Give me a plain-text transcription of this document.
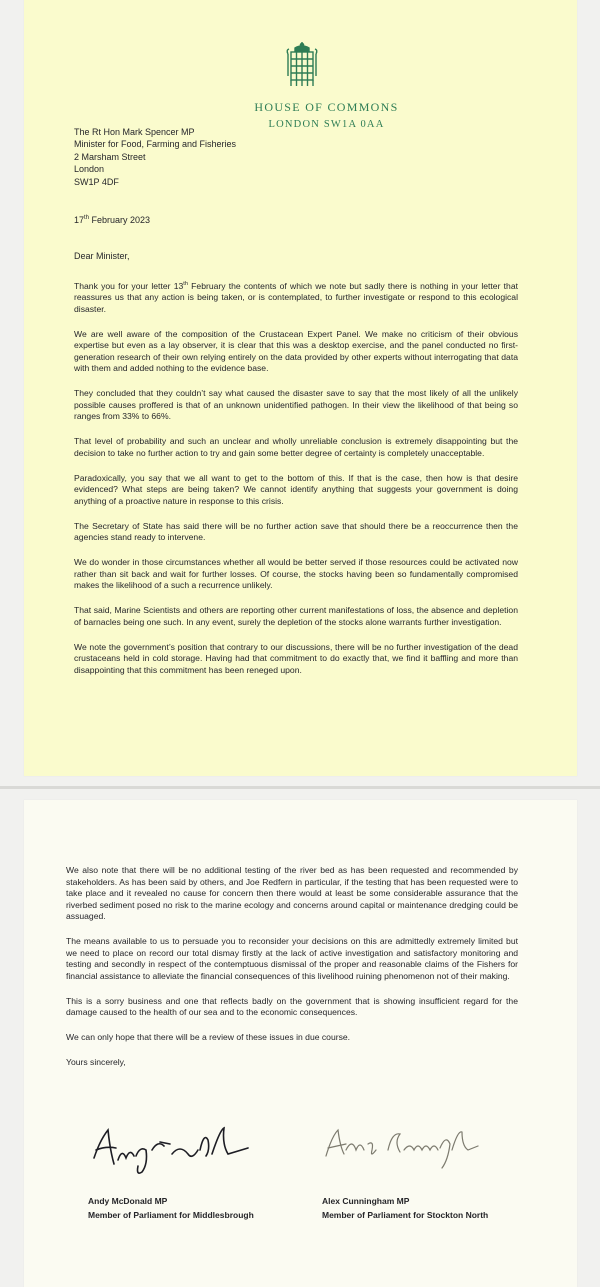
HOUSE OF COMMONS
LONDON SW1A 0AA
The Rt Hon Mark Spencer MP
Minister for Food, Farming and Fisheries
2 Marsham Street
London
SW1P 4DF
17th February 2023
Dear Minister,

Thank you for your letter 13th February the contents of which we note but sadly there is nothing in your letter that reassures us that any action is being taken, or is contemplated, to further investigate or respond to this ecological disaster.

We are well aware of the composition of the Crustacean Expert Panel. We make no criticism of their obvious expertise but even as a lay observer, it is clear that this was a desktop exercise, and the panel conducted no first-generation research of their own relying entirely on the data provided by other experts without interrogating that data with them and added nothing to the evidence base.

They concluded that they couldn’t say what caused the disaster save to say that the most likely of all the unlikely possible causes proffered is that of an unknown unidentified pathogen. In their view the likelihood of that being so ranges from 33% to 66%.

That level of probability and such an unclear and wholly unreliable conclusion is extremely disappointing but the decision to take no further action to try and gain some better degree of certainty is completely unacceptable.

Paradoxically, you say that we all want to get to the bottom of this. If that is the case, then how is that desire evidenced? What steps are being taken? We cannot identify anything that suggests your government is doing anything of a proactive nature in response to this crisis.

The Secretary of State has said there will be no further action save that should there be a reoccurrence then the agencies stand ready to intervene.

We do wonder in those circumstances whether all would be better served if those resources could be activated now rather than sit back and wait for further losses. Of course, the stocks having been so fundamentally compromised makes the likelihood of a such a recurrence unlikely.

That said, Marine Scientists and others are reporting other current manifestations of loss, the absence and depletion of barnacles being one such. In any event, surely the depletion of the stocks alone warrants further investigation.

We note the government’s position that contrary to our discussions, there will be no further investigation of the dead crustaceans held in cold storage. Having had that commitment to do exactly that, we find it baffling and more than disappointing that this commitment has been reneged upon.

We also note that there will be no additional testing of the river bed as has been requested and recommended by stakeholders. As has been said by others, and Joe Redfern in particular, if the testing that has been requested were to take place and it revealed no cause for concern then there would at least be some considerable assurance that the riverbed sediment posed no risk to the marine ecology and concerns around capital or maintenance dredging could be assuaged.

The means available to us to persuade you to reconsider your decisions on this are admittedly extremely limited but we need to place on record our total dismay firstly at the lack of active investigation and satisfactory monitoring and testing and secondly in respect of the contemptuous dismissal of the proper and reasonable claims of the Fishers for financial assistance to alleviate the financial consequences of this livelihood ruining phenomenon not of their making.

This is a sorry business and one that reflects badly on the government that is showing insufficient regard for the damage caused to the health of our sea and to the economic consequences.

We can only hope that there will be a review of these issues in due course.

Yours sincerely,

Andy McDonald MP
Member of Parliament for Middlesbrough
Alex Cunningham MP
Member of Parliament for Stockton North
